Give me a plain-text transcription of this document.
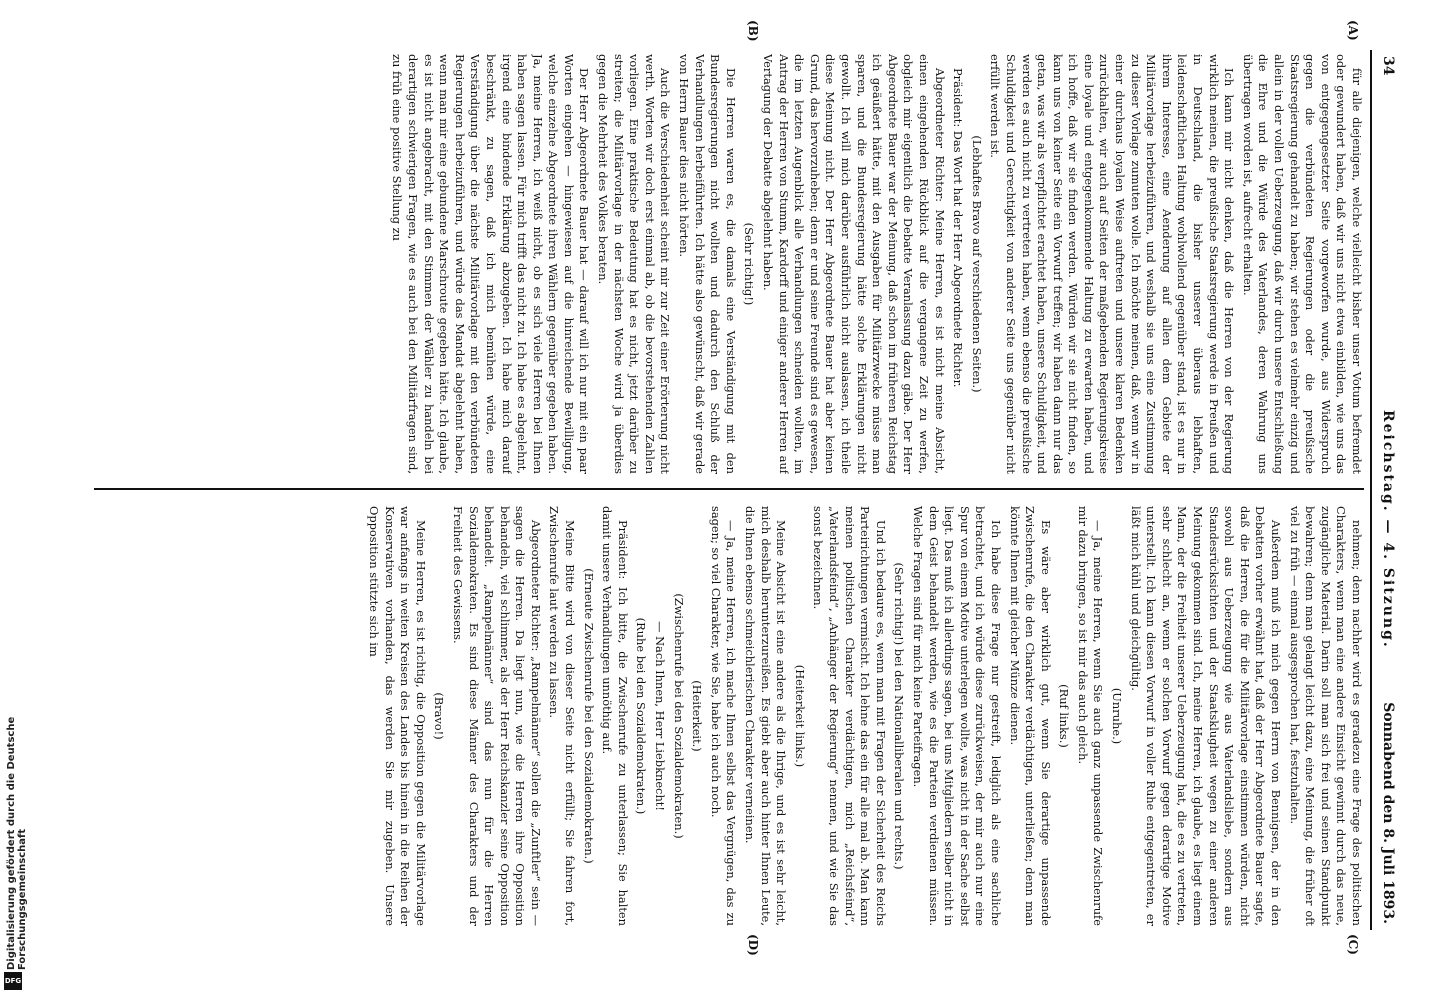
34
Reichstag. — 4. Sitzung.
Sonnabend den 8. Juli 1893.

für alle diejenigen, welche vielleicht bisher unser Votum befremdet oder gewundert haben, daß wir uns nicht etwa einbilden, wie uns das von entgegengesetzter Seite vorgeworfen wurde, aus Widerspruch gegen die verbündeten Regierungen oder die preußische Staatsregierung gehandelt zu haben; wir stehen es vielmehr einzig und allein in der vollen Ueberzeugung, daß wir durch unsere Entschließung die Ehre und die Würde des Vaterlandes, deren Wahrung uns übertragen worden ist, aufrecht erhalten.

Ich kann mir nicht denken, daß die Herren von der Regierung wirklich meinen, die preußische Staatsregierung werde in Preußen und in Deutschland, die bisher unserer überaus lebhaften, leidenschaftlichen Haltung wohlwollend gegenüber stand, ist es nur in ihrem Interesse, eine Aenderung auf allen dem Gebiete der Militärvorlage herbeizuführen, und weshalb sie uns eine Zustimmung zu dieser Vorlage zumuten wolle. Ich möchte meinen, daß, wenn wir in einer durchaus loyalen Weise auftreten und unsere klaren Bedenken zurückhalten, wir auch auf Seiten der maßgebenden Regierungskreise eine loyale und entgegenkommende Haltung zu erwarten haben, und ich hoffe, daß wir sie finden werden. Würden wir sie nicht finden, so kann uns von keiner Seite ein Vorwurf treffen; wir haben dann nur das getan, was wir als verpflichtet erachtet haben, unsere Schuldigkeit, und werden es auch nicht zu vertreten haben, wenn ebenso die preußische Schuldigkeit und Gerechtigkeit von anderer Seite uns gegenüber nicht erfüllt werden ist.

(Lebhaftes Bravo auf verschiedenen Seiten.)

Präsident: Das Wort hat der Herr Abgeordnete Richter.

Abgeordneter Richter: Meine Herren, es ist nicht meine Absicht, einen eingehenden Rückblick auf die vergangene Zeit zu werfen, obgleich mir eigentlich die Debatte Veranlassung dazu gäbe. Der Herr Abgeordnete Bauer war der Meinung, daß schon im früheren Reichstag ich geäußert hätte, mit den Ausgaben für Militärzwecke müsse man sparen, und die Bundesregierung hätte solche Erklärungen nicht gewollt. Ich will mich darüber ausführlich nicht auslassen, ich theile diese Meinung nicht. Der Herr Abgeordnete Bauer hat aber keinen Grund, das hervorzuheben; denn er und seine Freunde sind es gewesen, die im letzten Augenblick alle Verhandlungen schneiden wollten, im Antrag der Herren von Stumm, Kardorff und einiger anderer Herren auf Vertagung der Debatte abgelehnt haben.

(Sehr richtig!)

Die Herren waren es, die damals eine Verständigung mit den Bundesregierungen nicht wollten und dadurch den Schluß der Verhandlungen herbeiführten. Ich hätte also gewünscht, daß wir gerade von Herrn Bauer dies nicht hörten.

Auch die Verschiedenheit scheint mir zur Zeit einer Erörterung nicht werth. Worten wir doch erst einmal ab, ob die bevorstehenden Zahlen vorliegen. Eine praktische Bedeutung hat es nicht, jetzt darüber zu streiten; die Militärvorlage in der nächsten Woche wird ja überdies gegen die Mehrheit des Volkes beraten.

Der Herr Abgeordnete Bauer hat — darauf will ich nur mit ein paar Worten eingehen — hingewiesen auf die hinreichende Bewilligung, welche einzelne Abgeordnete ihren Wählern gegenüber gegeben haben. Ja, meine Herren, ich weiß nicht, ob es sich viele Herren bei Ihnen haben sagen lassen. Für mich trifft das nicht zu. Ich habe es abgelehnt, irgend eine bindende Erklärung abzugeben. Ich habe mich darauf beschränkt, zu sagen, daß ich mich bemühen würde, eine Verständigung über die nächste Militärvorlage mit den verbündeten Regierungen herbeizuführen, und würde das Mandat abgelehnt haben, wenn man mir eine gebundene Marschroute gegeben hätte. Ich glaube, es ist nicht angebracht, mit den Stimmen der Wähler zu handeln bei derartigen schwierigen Fragen, wie es auch bei den Militärfragen sind, zu früh eine positive Stellung zu

nehmen; denn nachher wird es geradezu eine Frage des politischen Charakters, wenn man eine andere Einsicht gewinnt durch das neue, zugängliche Material. Darin soll man sich frei und seinen Standpunkt bewahren; denn man gelangt leicht dazu, eine Meinung, die früher oft viel zu früh — einmal ausgesprochen hat, festzuhalten.

Außerdem muß ich mich gegen Herrn von Bennigsen, der in den Debatten vorher erwähnt hat, daß der Herr Abgeordnete Bauer sagte, daß die Herren, die für die Militärvorlage einstimmen würden, nicht sowohl aus Ueberzeugung wie aus Vaterlandsliebe, sondern aus Standesrücksichten und der Staatsklugheit wegen zu einer anderen Meinung gekommen sind. Ich, meine Herren, ich glaube, es liegt einem Mann, der die Freiheit unserer Ueberzeugung hat, die es zu vertreten, sehr schlecht an, wenn er solchen Vorwurf gegen derartige Motive unterstellt. Ich kann diesen Vorwurf in voller Ruhe entgegentreten, er läßt mich kühl und gleichgültig.

(Unruhe.)

— Ja, meine Herren, wenn Sie auch ganz unpassende Zwischenrufe mir dazu bringen, so ist mir das auch gleich.

(Ruf links.)

Es wäre aber wirklich gut, wenn Sie derartige unpassende Zwischenrufe, die den Charakter verdächtigen, unterließen; denn man könnte Ihnen mit gleicher Münze dienen.

Ich habe diese Frage nur gestreift, lediglich als eine sachliche betrachtet, und ich würde diese zurückweisen, der mir auch nur eine Spur von einem Motive unterlegen wollte, was nicht in der Sache selbst liegt. Das muß ich allerdings sagen, bei uns Mitgliedern selber nicht in dem Geist behandelt werden, wie es die Parteien verdienen müssen. Welche Fragen sind für mich keine Parteifragen.

(Sehr richtig!) bei den Nationalliberalen und rechts.)

Und ich bedaure es, wenn man mit Fragen der Sicherheit des Reichs Parteirichtungen vermischt. Ich lehne das ein für alle mal ab. Man kann meinen politischen Charakter verdächtigen, mich „Reichsfeind“, „Vaterlandsfeind“, „Anhänger der Regierung“ nennen, und wie Sie das sonst bezeichnen.

(Heiterkeit links.)

Meine Absicht ist eine andere als die Ihrige, und es ist sehr leicht, mich deshalb herunterzureißen. Es giebt aber auch hinter Ihnen Leute, die Ihnen ebenso schmeichlerischen Charakter verneinen.

— Ja, meine Herren, ich mache Ihnen selbst das Vergnügen, das zu sagen; so viel Charakter, wie Sie, habe ich auch noch.

(Heiterkeit.)

(Zwischenrufe bei den Sozialdemokraten.)

— Nach Ihnen, Herr Liebknecht!

(Ruhe bei den Sozialdemokraten.)

Präsident: Ich bitte, die Zwischenrufe zu unterlassen; Sie halten damit unsere Verhandlungen unnöthig auf.

(Erneute Zwischenrufe bei den Sozialdemokraten.)

Meine Bitte wird von dieser Seite nicht erfüllt; Sie fahren fort, Zwischenrufe laut werden zu lassen.

Abgeordneter Richter: „Rampelmänner“ sollen die „Zunftler“ sein — sagen die Herren. Da liegt nun, wie die Herren ihre Opposition behandeln, viel schlimmer, als der Herr Reichskanzler seine Opposition behandelt. „Rampelmänner“ sind das nun für die Herren Sozialdemokraten. Es sind diese Männer des Charakters und der Freiheit des Gewissens.

(Bravo!)

Meine Herren, es ist richtig, die Opposition gegen die Militärvorlage war anfangs in weiten Kreisen des Landes bis hinein in die Reihen der Konservativen vorhanden, das werden Sie mir zugeben. Unsere Opposition stützte sich im

(A)
(B)
(C)
(D)
Digitalisierung gefördert durch die Deutsche Forschungsgemeinschaft
DFG
